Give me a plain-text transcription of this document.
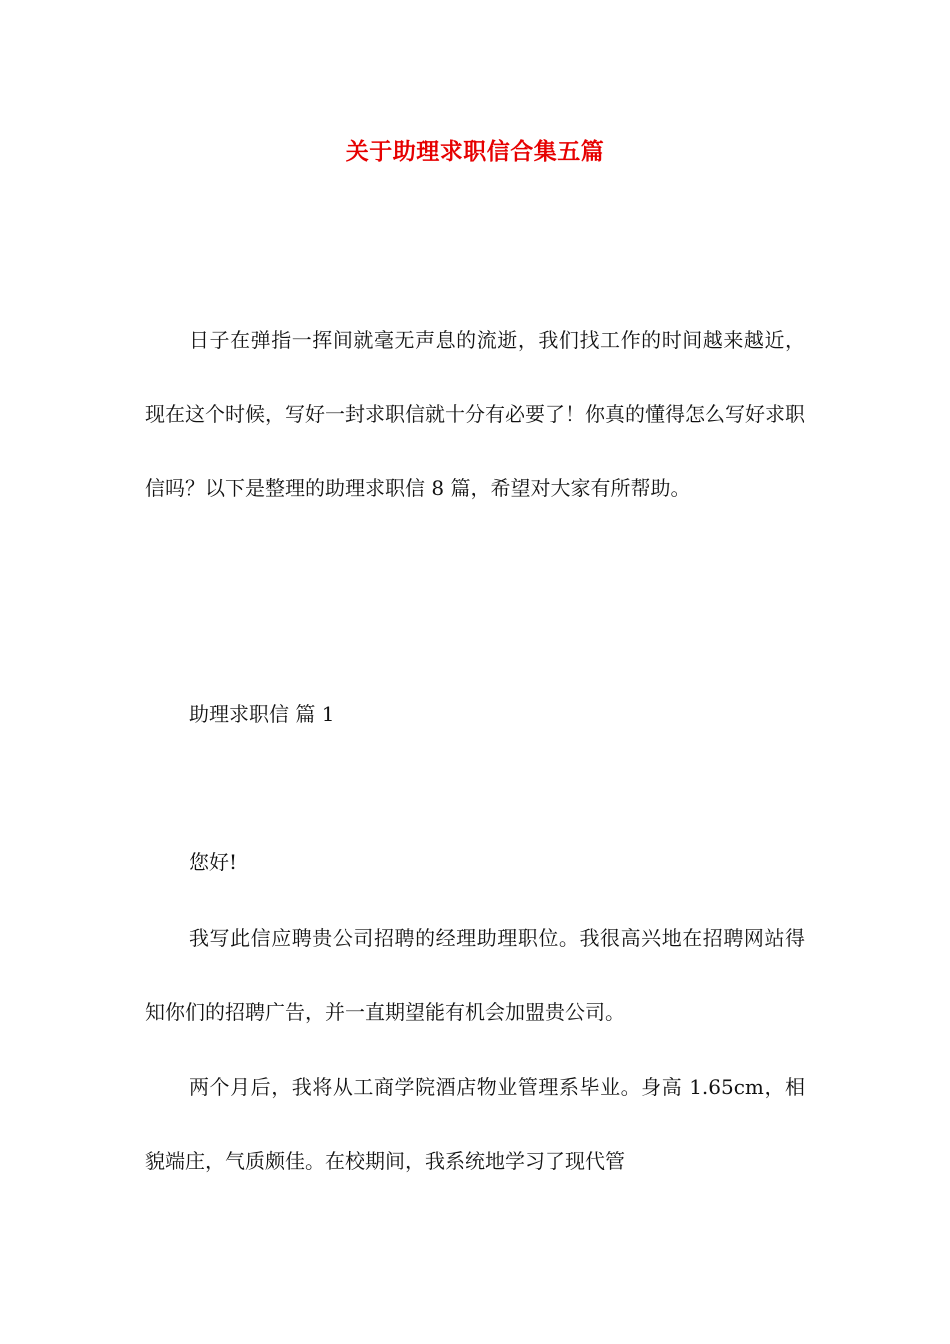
关于助理求职信合集五篇
日子在弹指一挥间就毫无声息的流逝，我们找工作的时间越来越近，现在这个时候，写好一封求职信就十分有必要了！你真的懂得怎么写好求职信吗？以下是整理的助理求职信 8 篇，希望对大家有所帮助。
助理求职信 篇 1
您好!
我写此信应聘贵公司招聘的经理助理职位。我很高兴地在招聘网站得知你们的招聘广告，并一直期望能有机会加盟贵公司。
两个月后，我将从工商学院酒店物业管理系毕业。身高 1.65cm，相貌端庄，气质颇佳。在校期间，我系统地学习了现代管
